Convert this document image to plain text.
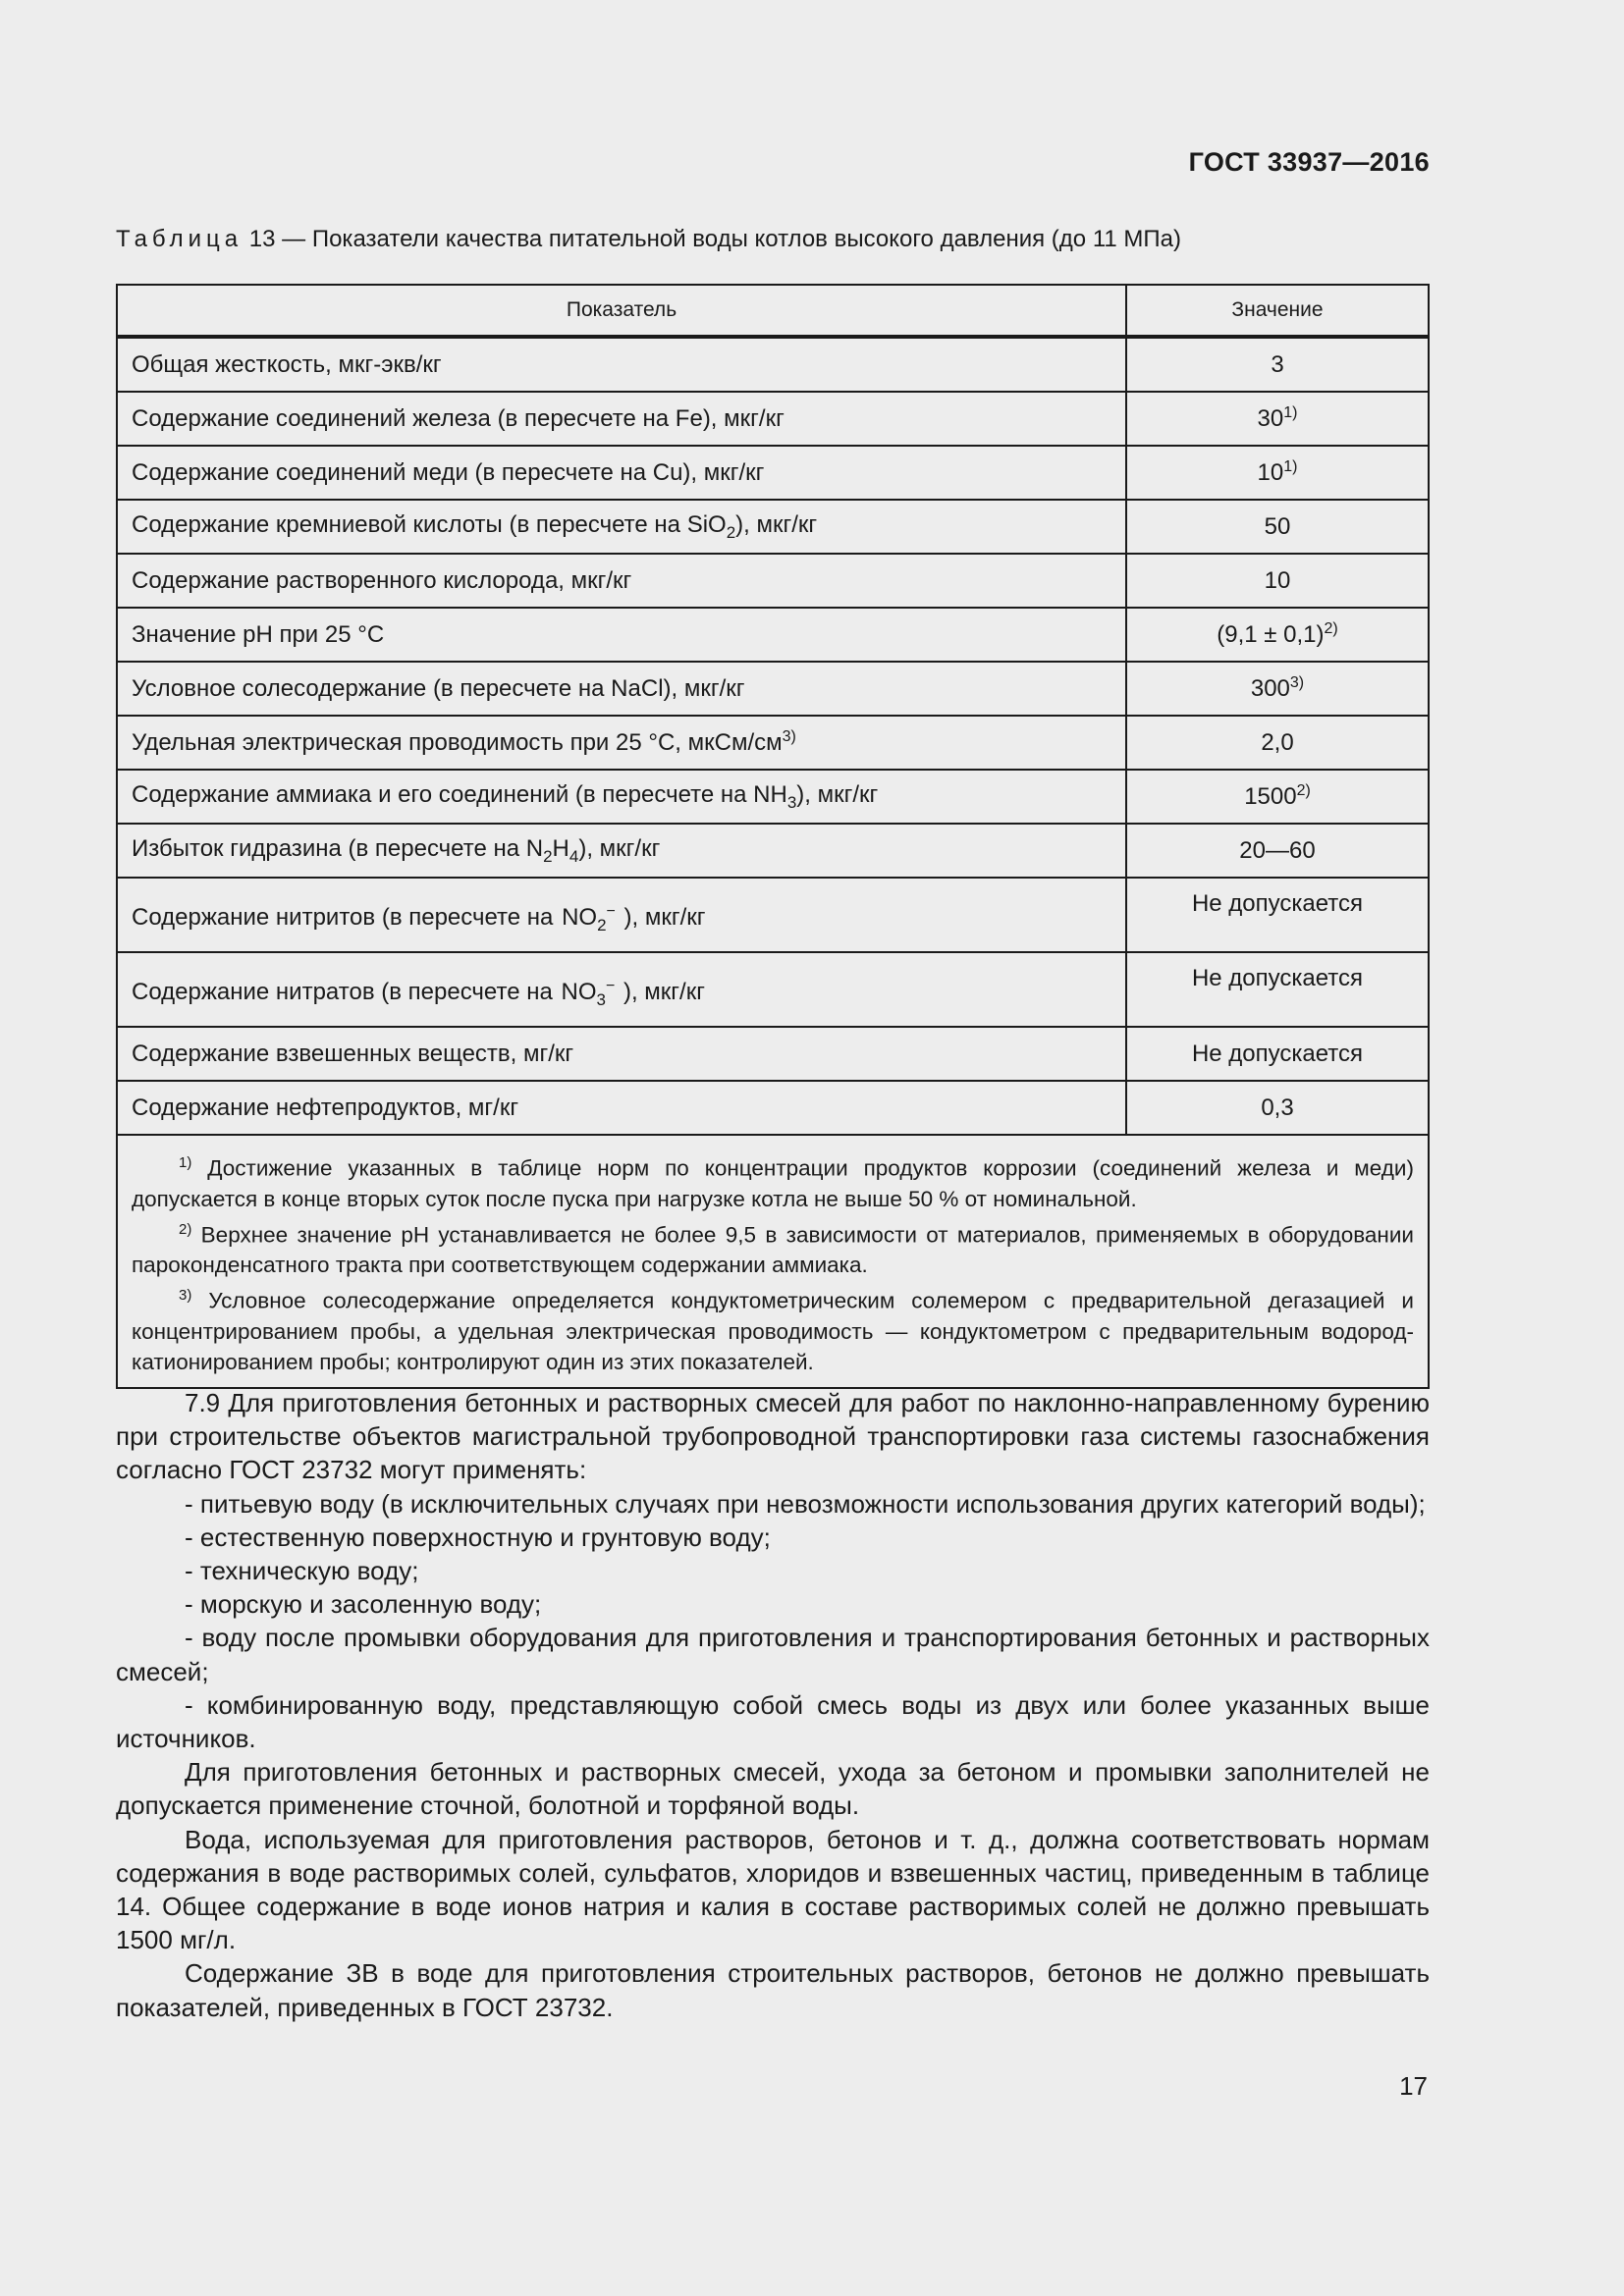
ГОСТ 33937—2016
Таблица 13 — Показатели качества питательной воды котлов высокого давления (до 11 МПа)
Показатель	Значение
Общая жесткость, мкг-экв/кг	3
Содержание соединений железа (в пересчете на Fe), мкг/кг	30$^{1)}$
Содержание соединений меди (в пересчете на Cu), мкг/кг	10$^{1)}$
Содержание кремниевой кислоты (в пересчете на SiO$_2$), мкг/кг	50
Содержание растворенного кислорода, мкг/кг	10
Значение pH при 25 °С	$(9,1 \pm 0,1)^{2)}$
Условное солесодержание (в пересчете на NaCl), мкг/кг	300$^{3)}$
Удельная электрическая проводимость при 25 °С, мкСм/$см^{3)}$	2,0
Содержание аммиака и его соединений (в пересчете на $NH_3$), мкг/кг	1500$^{2)}$
Избыток гидразина (в пересчете на $N_2H_4$), мкг/кг	20—60
Содержание нитритов (в пересчете на $NO_2^-$ ), мкг/кг	Не допускается
Содержание нитратов (в пересчете на $NO_3^-$ ), мкг/кг	Не допускается
Содержание взвешенных веществ, мг/кг	Не допускается
Содержание нефтепродуктов, мг/кг	0,3

$^{1)}$ Достижение указанных в таблице норм по концентрации продуктов коррозии (соединений железа и меди) допускается в конце вторых суток после пуска при нагрузке котла не выше 50 % от номинальной.

$^{2)}$ Верхнее значение pH устанавливается не более 9,5 в зависимости от материалов, применяемых в оборудовании пароконденсатного тракта при соответствующем содержании аммиака.

$^{3)}$ Условное солесодержание определяется кондуктометрическим солемером с предварительной дегазацией и концентрированием пробы, а удельная электрическая проводимость — кондуктометром с предварительным водород-катионированием пробы; контролируют один из этих показателей.	

7.9 Для приготовления бетонных и растворных смесей для работ по наклонно-направленному бурению при строительстве объектов магистральной трубопроводной транспортировки газа системы газоснабжения согласно ГОСТ 23732 могут применять:

- питьевую воду (в исключительных случаях при невозможности использования других категорий воды);

- естественную поверхностную и грунтовую воду;

- техническую воду;

- морскую и засоленную воду;

- воду после промывки оборудования для приготовления и транспортирования бетонных и растворных смесей;

- комбинированную воду, представляющую собой смесь воды из двух или более указанных выше источников.

Для приготовления бетонных и растворных смесей, ухода за бетоном и промывки заполнителей не допускается применение сточной, болотной и торфяной воды.

Вода, используемая для приготовления растворов, бетонов и т. д., должна соответствовать нормам содержания в воде растворимых солей, сульфатов, хлоридов и взвешенных частиц, приведенным в таблице 14. Общее содержание в воде ионов натрия и калия в составе растворимых солей не должно превышать 1500 мг/л.

Содержание ЗВ в воде для приготовления строительных растворов, бетонов не должно превышать показателей, приведенных в ГОСТ 23732.

17
